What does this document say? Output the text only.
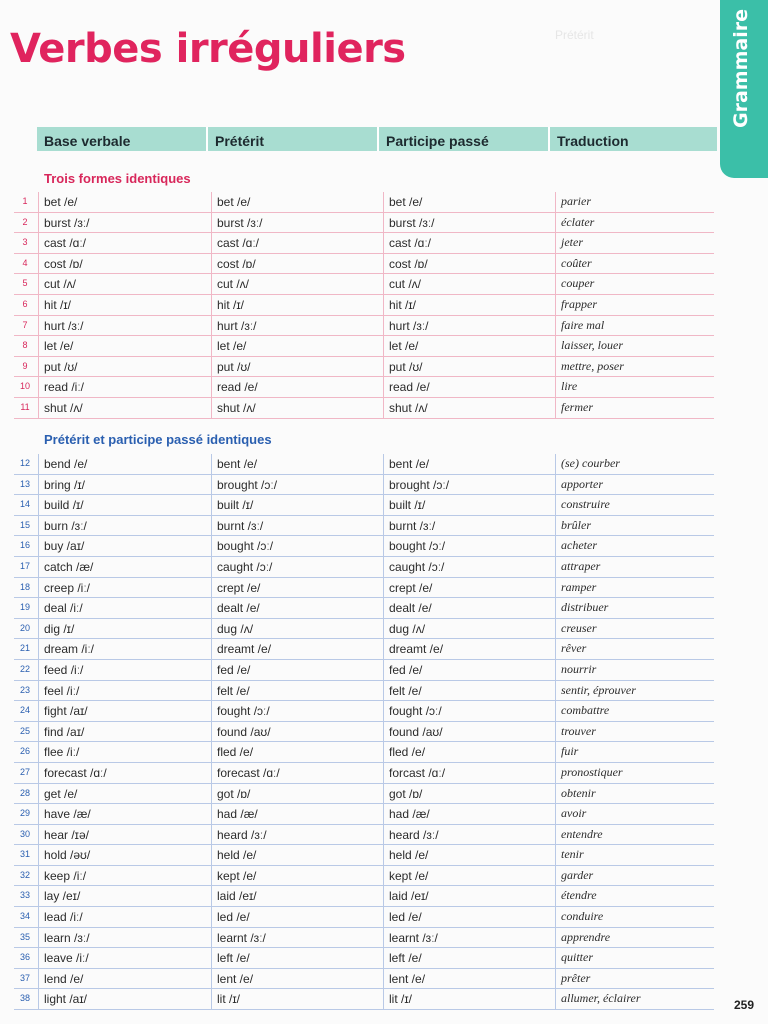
Prétérit
Verbes irréguliers	Grammaire
Base verbale	Prétérit	Participe passé	Traduction
Trois formes identiques
1	bet /e/	bet /e/	bet /e/	parier
2	burst /ɜː/	burst /ɜː/	burst /ɜː/	éclater
3	cast /ɑː/	cast /ɑː/	cast /ɑː/	jeter
4	cost /ɒ/	cost /ɒ/	cost /ɒ/	coûter
5	cut /ʌ/	cut /ʌ/	cut /ʌ/	couper
6	hit /ɪ/	hit /ɪ/	hit /ɪ/	frapper
7	hurt /ɜː/	hurt /ɜː/	hurt /ɜː/	faire mal
8	let /e/	let /e/	let /e/	laisser, louer
9	put /ʊ/	put /ʊ/	put /ʊ/	mettre, poser
10	read /iː/	read /e/	read /e/	lire
11	shut /ʌ/	shut /ʌ/	shut /ʌ/	fermer
Prétérit et participe passé identiques
12	bend /e/	bent /e/	bent /e/	(se) courber
13	bring /ɪ/	brought /ɔː/	brought /ɔː/	apporter
14	build /ɪ/	built /ɪ/	built /ɪ/	construire
15	burn /ɜː/	burnt /ɜː/	burnt /ɜː/	brûler
16	buy /aɪ/	bought /ɔː/	bought /ɔː/	acheter
17	catch /æ/	caught /ɔː/	caught /ɔː/	attraper
18	creep /iː/	crept /e/	crept /e/	ramper
19	deal /iː/	dealt /e/	dealt /e/	distribuer
20	dig /ɪ/	dug /ʌ/	dug /ʌ/	creuser
21	dream /iː/	dreamt /e/	dreamt /e/	rêver
22	feed /iː/	fed /e/	fed /e/	nourrir
23	feel /iː/	felt /e/	felt /e/	sentir, éprouver
24	fight /aɪ/	fought /ɔː/	fought /ɔː/	combattre
25	find /aɪ/	found /aʊ/	found /aʊ/	trouver
26	flee /iː/	fled /e/	fled /e/	fuir
27	forecast /ɑː/	forecast /ɑː/	forcast /ɑː/	pronostiquer
28	get /e/	got /ɒ/	got /ɒ/	obtenir
29	have /æ/	had /æ/	had /æ/	avoir
30	hear /ɪə/	heard /ɜː/	heard /ɜː/	entendre
31	hold /əʊ/	held /e/	held /e/	tenir
32	keep /iː/	kept /e/	kept /e/	garder
33	lay /eɪ/	laid /eɪ/	laid /eɪ/	étendre
34	lead /iː/	led /e/	led /e/	conduire
35	learn /ɜː/	learnt /ɜː/	learnt /ɜː/	apprendre
36	leave /iː/	left /e/	left /e/	quitter
37	lend /e/	lent /e/	lent /e/	prêter
38	light /aɪ/	lit /ɪ/	lit /ɪ/	allumer, éclairer	259
